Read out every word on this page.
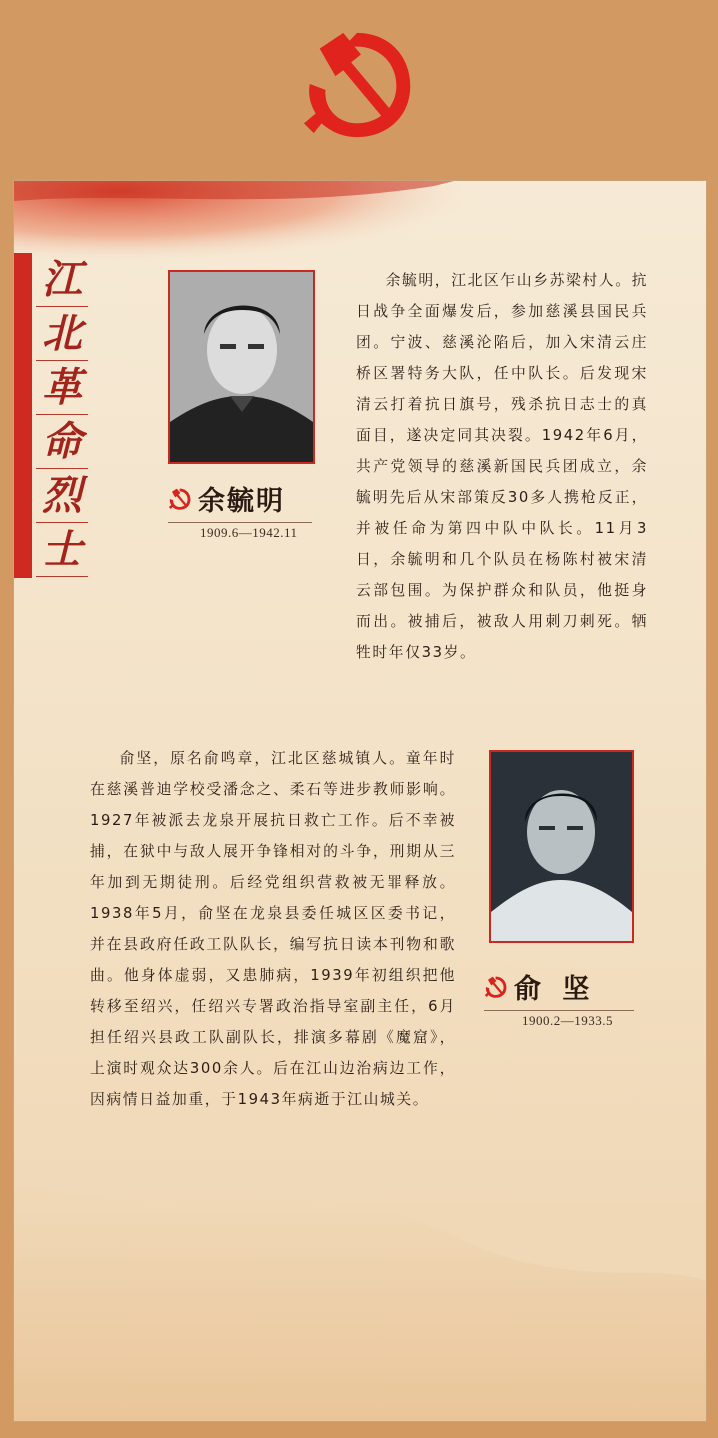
江
北
革
命
烈
士
余毓明
1909.6—1942.11
余毓明，江北区乍山乡苏梁村人。抗日战争全面爆发后，参加慈溪县国民兵团。宁波、慈溪沦陷后，加入宋清云庄桥区署特务大队，任中队长。后发现宋清云打着抗日旗号，残杀抗日志士的真面目，遂决定同其决裂。1942年6月，共产党领导的慈溪新国民兵团成立，余毓明先后从宋部策反30多人携枪反正，并被任命为第四中队中队长。11月3日，余毓明和几个队员在杨陈村被宋清云部包围。为保护群众和队员，他挺身而出。被捕后，被敌人用刺刀刺死。牺牲时年仅33岁。
俞坚，原名俞鸣章，江北区慈城镇人。童年时在慈溪普迪学校受潘念之、柔石等进步教师影响。1927年被派去龙泉开展抗日救亡工作。后不幸被捕，在狱中与敌人展开争锋相对的斗争，刑期从三年加到无期徒刑。后经党组织营救被无罪释放。1938年5月，俞坚在龙泉县委任城区区委书记，并在县政府任政工队队长，编写抗日读本刊物和歌曲。他身体虚弱，又患肺病，1939年初组织把他转移至绍兴，任绍兴专署政治指导室副主任，6月担任绍兴县政工队副队长，排演多幕剧《魔窟》，上演时观众达300余人。后在江山边治病边工作，因病情日益加重，于1943年病逝于江山城关。
俞 坚
1900.2—1933.5
